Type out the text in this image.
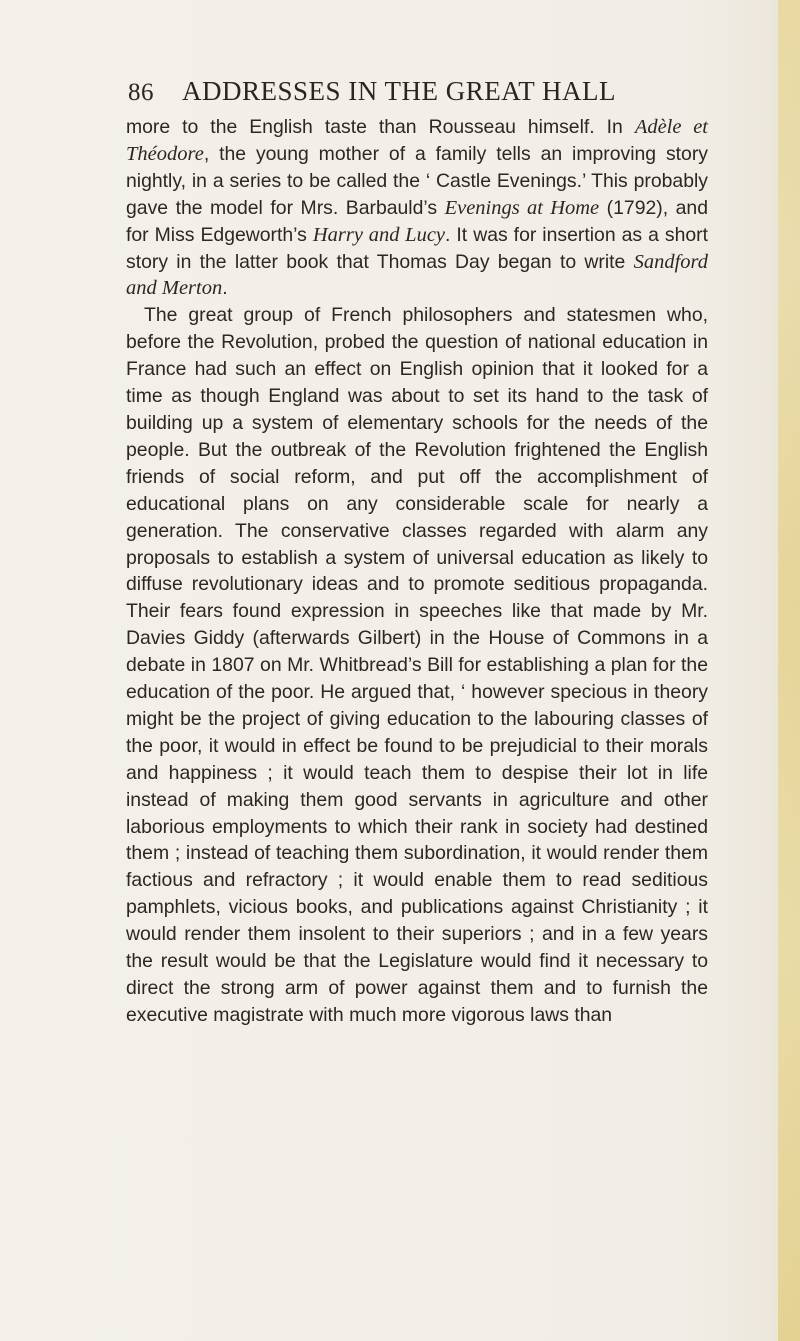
86 ADDRESSES IN THE GREAT HALL

more to the English taste than Rousseau himself. In Adèle et Théodore, the young mother of a family tells an improving story nightly, in a series to be called the ‘ Castle Evenings.’ This probably gave the model for Mrs. Barbauld’s Evenings at Home (1792), and for Miss Edgeworth’s Harry and Lucy. It was for insertion as a short story in the latter book that Thomas Day began to write Sandford and Merton.

The great group of French philosophers and statesmen who, before the Revolution, probed the question of national education in France had such an effect on English opinion that it looked for a time as though England was about to set its hand to the task of building up a system of elementary schools for the needs of the people. But the outbreak of the Revolution frightened the English friends of social reform, and put off the accomplishment of educational plans on any considerable scale for nearly a generation. The conservative classes regarded with alarm any proposals to establish a system of universal education as likely to diffuse revolutionary ideas and to promote seditious propaganda. Their fears found expression in speeches like that made by Mr. Davies Giddy (afterwards Gilbert) in the House of Commons in a debate in 1807 on Mr. Whitbread’s Bill for establishing a plan for the education of the poor. He argued that, ‘ however specious in theory might be the project of giving education to the labouring classes of the poor, it would in effect be found to be prejudicial to their morals and happiness ; it would teach them to despise their lot in life instead of making them good servants in agriculture and other laborious employments to which their rank in society had destined them ; instead of teaching them subordination, it would render them factious and refractory ; it would enable them to read seditious pamphlets, vicious books, and publications against Christianity ; it would render them insolent to their superiors ; and in a few years the result would be that the Legislature would find it necessary to direct the strong arm of power against them and to furnish the executive magistrate with much more vigorous laws than
